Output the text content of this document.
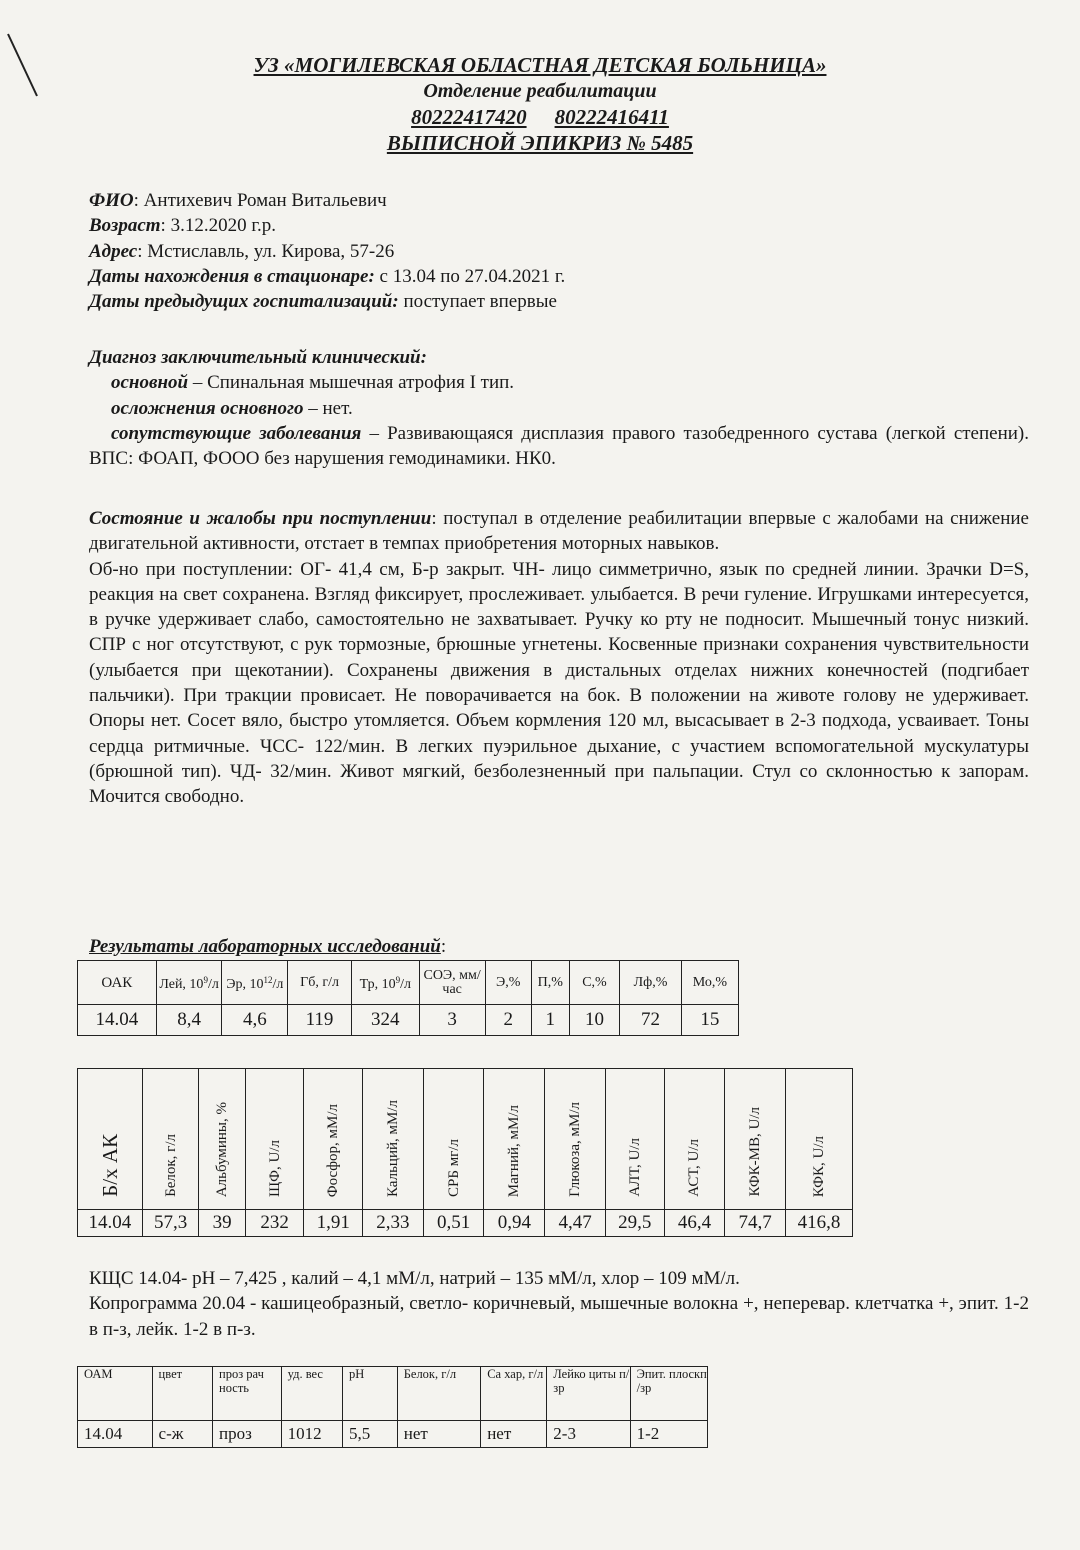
УЗ «МОГИЛЕВСКАЯ ОБЛАСТНАЯ ДЕТСКАЯ БОЛЬНИЦА»
Отделение реабилитации
80222417420 80222416411
ВЫПИСНОЙ ЭПИКРИЗ № 5485
ФИО: Антихевич Роман Витальевич
Возраст: 3.12.2020 г.р.
Адрес: Мстиславль, ул. Кирова, 57-26
Даты нахождения в стационаре: с 13.04 по 27.04.2021 г.
Даты предыдущих госпитализаций: поступает впервые
Диагноз заключительный клинический:
основной – Спинальная мышечная атрофия I тип.
осложнения основного – нет.
сопутствующие заболевания – Развивающаяся дисплазия правого тазобедренного сустава (легкой степени). ВПС: ФОАП, ФООО без нарушения гемодинамики. НК0.
Состояние и жалобы при поступлении: поступал в отделение реабилитации впервые с жалобами на снижение двигательной активности, отстает в темпах приобретения моторных навыков.
Об-но при поступлении: ОГ- 41,4 см, Б-р закрыт. ЧН- лицо симметрично, язык по средней линии. Зрачки D=S, реакция на свет сохранена. Взгляд фиксирует, прослеживает. улыбается. В речи гуление. Игрушками интересуется, в ручке удерживает слабо, самостоятельно не захватывает. Ручку ко рту не подносит. Мышечный тонус низкий. СПР с ног отсутствуют, с рук тормозные, брюшные угнетены. Косвенные признаки сохранения чувствительности (улыбается при щекотании). Сохранены движения в дистальных отделах нижних конечностей (подгибает пальчики). При тракции провисает. Не поворачивается на бок. В положении на животе голову не удерживает. Опоры нет. Сосет вяло, быстро утомляется. Объем кормления 120 мл, высасывает в 2-3 подхода, усваивает. Тоны сердца ритмичные. ЧСС- 122/мин. В легких пуэрильное дыхание, с участием вспомогательной мускулатуры (брюшной тип). ЧД- 32/мин. Живот мягкий, безболезненный при пальпации. Стул со склонностью к запорам. Мочится свободно.
Результаты лабораторных исследований:
ОАК	Лей, $10^9/л$	Эр, $10^{12}/л$	Гб, г/л	Тр, $10^9/л$	СОЭ, мм/час	Э,%	П,%	С,%	Лф,%	Мо,%
14.04	8,4	4,6	119	324	3	2	1	10	72	15
Б/х АК	Белок, г/л	Альбумины, %	ЩФ, U/л	Фосфор, мМ/л	Кальций, мМ/л	СРБ мг/л	Магний, мМ/л	Глюкоза, мМ/л	АЛТ, U/л	АСТ, U/л	КФК-МВ, U/л	КФК, U/л
14.04	57,3	39	232	1,91	2,33	0,51	0,94	4,47	29,5	46,4	74,7	416,8
КЩС 14.04- pH – 7,425 , калий – 4,1 мМ/л, натрий – 135 мМ/л, хлор – 109 мМ/л.
Копрограмма 20.04 - кашицеобразный, светло- коричневый, мышечные волокна +, неперевар. клетчатка +, эпит. 1-2 в п-з, лейк. 1-2 в п-з.
ОАМ	цвет	проз рач ность	уд. вес	pH	Белок, г/л	Са хар, г/л	Лейко циты п/зр	Эпит. плоскп /зр
14.04	с-ж	проз	1012	5,5	нет	нет	2-3	1-2
